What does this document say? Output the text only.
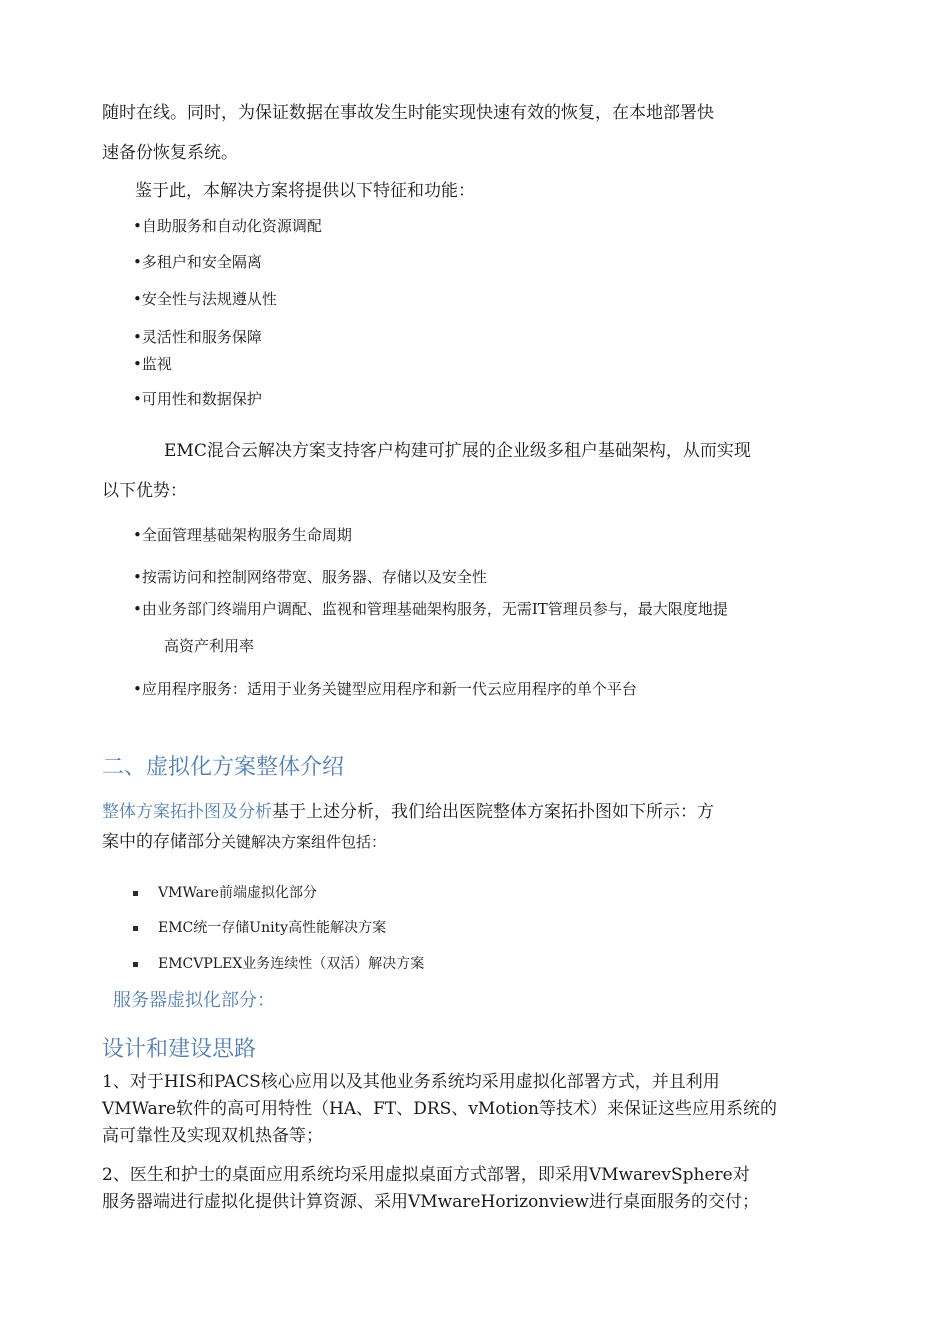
随时在线。同时，为保证数据在事故发生时能实现快速有效的恢复，在本地部署快
速备份恢复系统。
鉴于此，本解决方案将提供以下特征和功能：
•自助服务和自动化资源调配
•多租户和安全隔离
•安全性与法规遵从性
•灵活性和服务保障
•监视
•可用性和数据保护
EMC混合云解决方案支持客户构建可扩展的企业级多租户基础架构，从而实现
以下优势：
•全面管理基础架构服务生命周期
•按需访问和控制网络带宽、服务器、存储以及安全性
•由业务部门终端用户调配、监视和管理基础架构服务，无需IT管理员参与，最大限度地提
高资产利用率
•应用程序服务：适用于业务关键型应用程序和新一代云应用程序的单个平台
二、虚拟化方案整体介绍
整体方案拓扑图及分析基于上述分析，我们给出医院整体方案拓扑图如下所示：方
案中的存储部分关键解决方案组件包括：
VMWare前端虚拟化部分
EMC统一存储Unity高性能解决方案
EMCVPLEX业务连续性（双活）解决方案
服务器虚拟化部分：
设计和建设思路
1、对于HIS和PACS核心应用以及其他业务系统均采用虚拟化部署方式，并且利用
VMWare软件的高可用特性（HA、FT、DRS、vMotion等技术）来保证这些应用系统的
高可靠性及实现双机热备等；
2、医生和护士的桌面应用系统均采用虚拟桌面方式部署，即采用VMwarevSphere对
服务器端进行虚拟化提供计算资源、采用VMwareHorizonview进行桌面服务的交付；
